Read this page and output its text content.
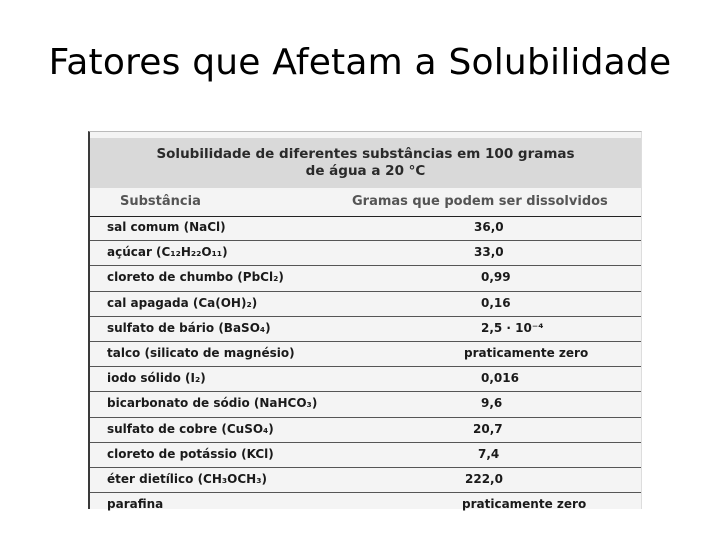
Fatores que Afetam a Solubilidade
Solubilidade de diferentes substâncias em 100 gramas
de água a 20 °C
Substância	Gramas que podem ser dissolvidos
sal comum (NaCl)	36,0
açúcar (C₁₂H₂₂O₁₁)	33,0
cloreto de chumbo (PbCl₂)	0,99
cal apagada (Ca(OH)₂)	0,16
sulfato de bário (BaSO₄)	2,5 · 10⁻⁴
talco (silicato de magnésio)	praticamente zero
iodo sólido (I₂)	0,016
bicarbonato de sódio (NaHCO₃)	9,6
sulfato de cobre (CuSO₄)	20,7
cloreto de potássio (KCl)	7,4
éter dietílico (CH₃OCH₃)	222,0
parafina	praticamente zero
